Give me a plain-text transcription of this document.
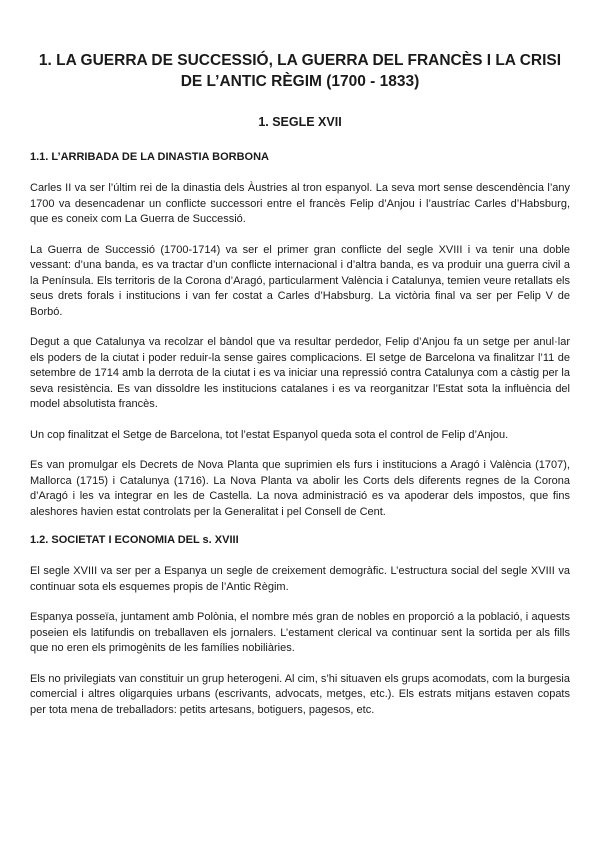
1. LA GUERRA DE SUCCESSIÓ, LA GUERRA DEL FRANCÈS I LA CRISI DE L’ANTIC RÈGIM (1700 - 1833)
1. SEGLE XVII
1.1. L’ARRIBADA DE LA DINASTIA BORBONA

Carles II va ser l’últim rei de la dinastia dels Àustries al tron espanyol. La seva mort sense descendència l’any 1700 va desencadenar un conflicte successori entre el francès Felip d’Anjou i l’austríac Carles d’Habsburg, que es coneix com La Guerra de Successió.

La Guerra de Successió (1700-1714) va ser el primer gran conflicte del segle XVIII i va tenir una doble vessant: d’una banda, es va tractar d’un conflicte internacional i d’altra banda, es va produir una guerra civil a la Península. Els territoris de la Corona d’Aragó, particularment València i Catalunya, temien veure retallats els seus drets forals i institucions i van fer costat a Carles d’Habsburg. La victòria final va ser per Felip V de Borbó.

Degut a que Catalunya va recolzar el bàndol que va resultar perdedor, Felip d’Anjou fa un setge per anul·lar els poders de la ciutat i poder reduir-la sense gaires complicacions. El setge de Barcelona va finalitzar l’11 de setembre de 1714 amb la derrota de la ciutat i es va iniciar una repressió contra Catalunya com a càstig per la seva resistència. Es van dissoldre les institucions catalanes i es va reorganitzar l’Estat sota la influència del model absolutista francès.

Un cop finalitzat el Setge de Barcelona, tot l’estat Espanyol queda sota el control de Felip d’Anjou.

Es van promulgar els Decrets de Nova Planta que suprimien els furs i institucions a Aragó i València (1707), Mallorca (1715) i Catalunya (1716). La Nova Planta va abolir les Corts dels diferents regnes de la Corona d’Aragó i les va integrar en les de Castella. La nova administració es va apoderar dels impostos, que fins aleshores havien estat controlats per la Generalitat i pel Consell de Cent.

1.2. SOCIETAT I ECONOMIA DEL s. XVIII

El segle XVIII va ser per a Espanya un segle de creixement demogràfic. L’estructura social del segle XVIII va continuar sota els esquemes propis de l’Antic Règim.

Espanya posseïa, juntament amb Polònia, el nombre més gran de nobles en proporció a la població, i aquests poseien els latifundis on treballaven els jornalers. L’estament clerical va continuar sent la sortida per als fills que no eren els primogènits de les famílies nobiliàries.

Els no privilegiats van constituir un grup heterogeni. Al cim, s’hi situaven els grups acomodats, com la burgesia comercial i altres oligarquies urbans (escrivants, advocats, metges, etc.). Els estrats mitjans estaven copats per tota mena de treballadors: petits artesans, botiguers, pagesos, etc.
